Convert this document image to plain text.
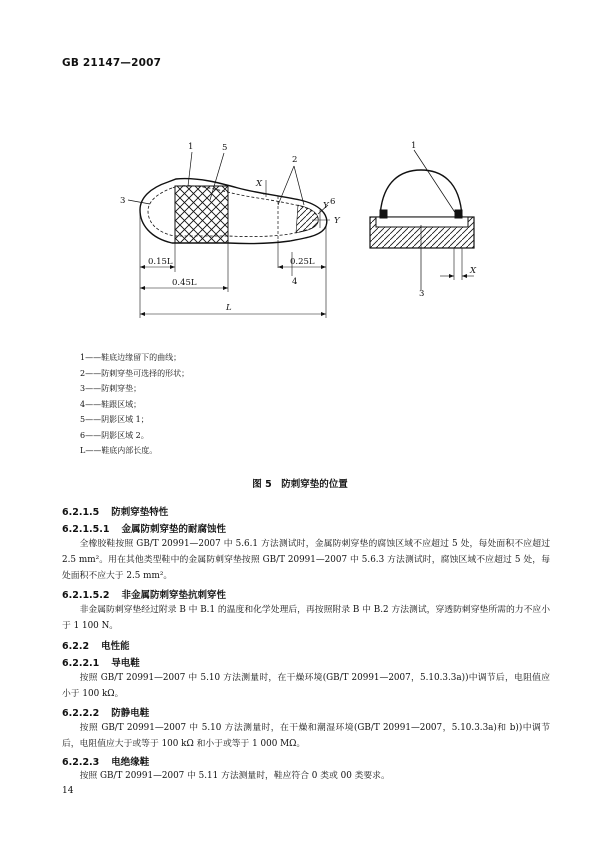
GB 21147—2007
1	5
2
3	6
X
Y
Y
0.15L	0.25L
4
0.45L
L
1
X
3
1——鞋底边缘留下的曲线；
2——防刺穿垫可选择的形状；
3——防刺穿垫；
4——鞋跟区域；
5——阴影区域 1；
6——阴影区域 2。
L——鞋底内部长度。
图 5　防刺穿垫的位置
6.2.1.5 防刺穿垫特性
6.2.1.5.1 金属防刺穿垫的耐腐蚀性
全橡胶鞋按照 GB/T 20991—2007 中 5.6.1 方法测试时，金属防刺穿垫的腐蚀区域不应超过 5 处，每处面积不应超过 2.5 mm²。用在其他类型鞋中的金属防刺穿垫按照 GB/T 20991—2007 中 5.6.3 方法测试时，腐蚀区域不应超过 5 处，每处面积不应大于 2.5 mm²。
6.2.1.5.2 非金属防刺穿垫抗刺穿性
非金属防刺穿垫经过附录 B 中 B.1 的温度和化学处理后，再按照附录 B 中 B.2 方法测试，穿透防刺穿垫所需的力不应小于 1 100 N。
6.2.2 电性能
6.2.2.1 导电鞋
按照 GB/T 20991—2007 中 5.10 方法测量时，在干燥环境(GB/T 20991—2007，5.10.3.3a))中调节后，电阻值应小于 100 kΩ。
6.2.2.2 防静电鞋
按照 GB/T 20991—2007 中 5.10 方法测量时，在干燥和潮湿环境(GB/T 20991—2007，5.10.3.3a)和 b))中调节后，电阻值应大于或等于 100 kΩ 和小于或等于 1 000 MΩ。
6.2.2.3 电绝缘鞋
按照 GB/T 20991—2007 中 5.11 方法测量时，鞋应符合 0 类或 00 类要求。
14
